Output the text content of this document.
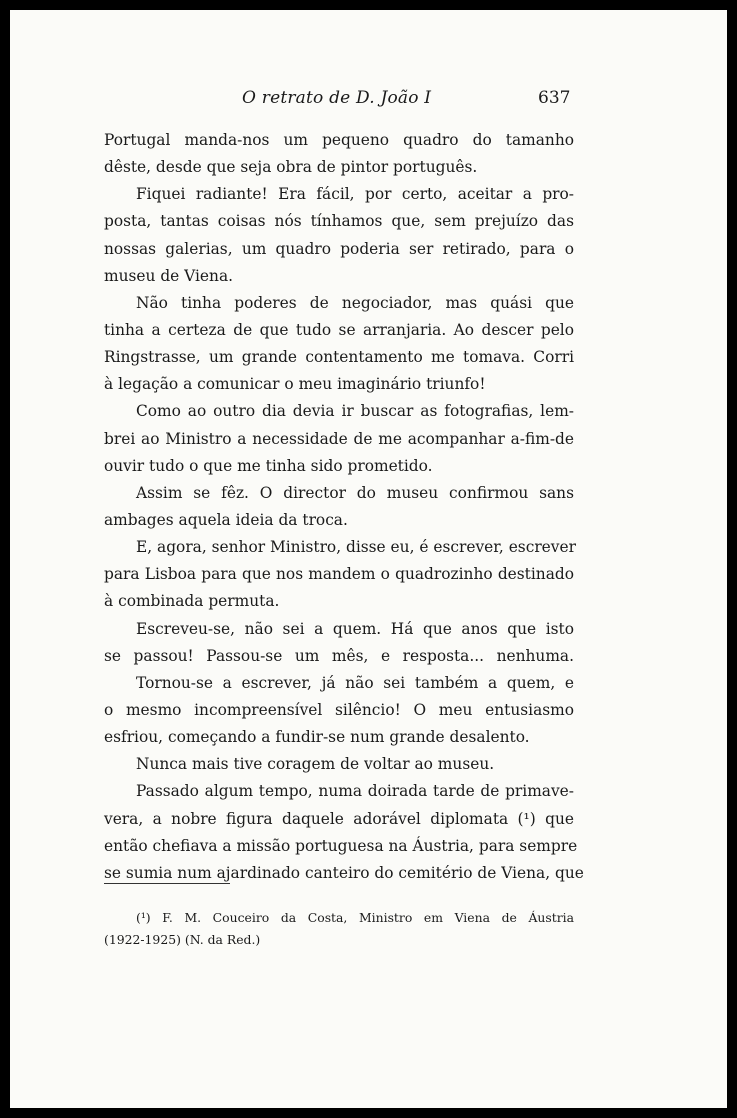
O retrato de D. João I	637
Portugal manda-nos um pequeno quadro do tamanho
dêste, desde que seja obra de pintor português.
Fiquei radiante! Era fácil, por certo, aceitar a pro-
posta, tantas coisas nós tínhamos que, sem prejuízo das
nossas galerias, um quadro poderia ser retirado, para o
museu de Viena.
Não tinha poderes de negociador, mas quási que
tinha a certeza de que tudo se arranjaria. Ao descer pelo
Ringstrasse, um grande contentamento me tomava. Corri
à legação a comunicar o meu imaginário triunfo!
Como ao outro dia devia ir buscar as fotografias, lem-
brei ao Ministro a necessidade de me acompanhar a-fim-de
ouvir tudo o que me tinha sido prometido.
Assim se fêz. O director do museu confirmou sans
ambages aquela ideia da troca.
E, agora, senhor Ministro, disse eu, é escrever, escrever
para Lisboa para que nos mandem o quadrozinho destinado
à combinada permuta.
Escreveu-se, não sei a quem. Há que anos que isto
se passou! Passou-se um mês, e resposta... nenhuma.
Tornou-se a escrever, já não sei também a quem, e
o mesmo incompreensível silêncio! O meu entusiasmo
esfriou, começando a fundir-se num grande desalento.
Nunca mais tive coragem de voltar ao museu.
Passado algum tempo, numa doirada tarde de primave-
vera, a nobre figura daquele adorável diplomata (¹) que
então chefiava a missão portuguesa na Áustria, para sempre
se sumia num ajardinado canteiro do cemitério de Viena, que
(¹) F. M. Couceiro da Costa, Ministro em Viena de Áustria
(1922-1925) (N. da Red.)
